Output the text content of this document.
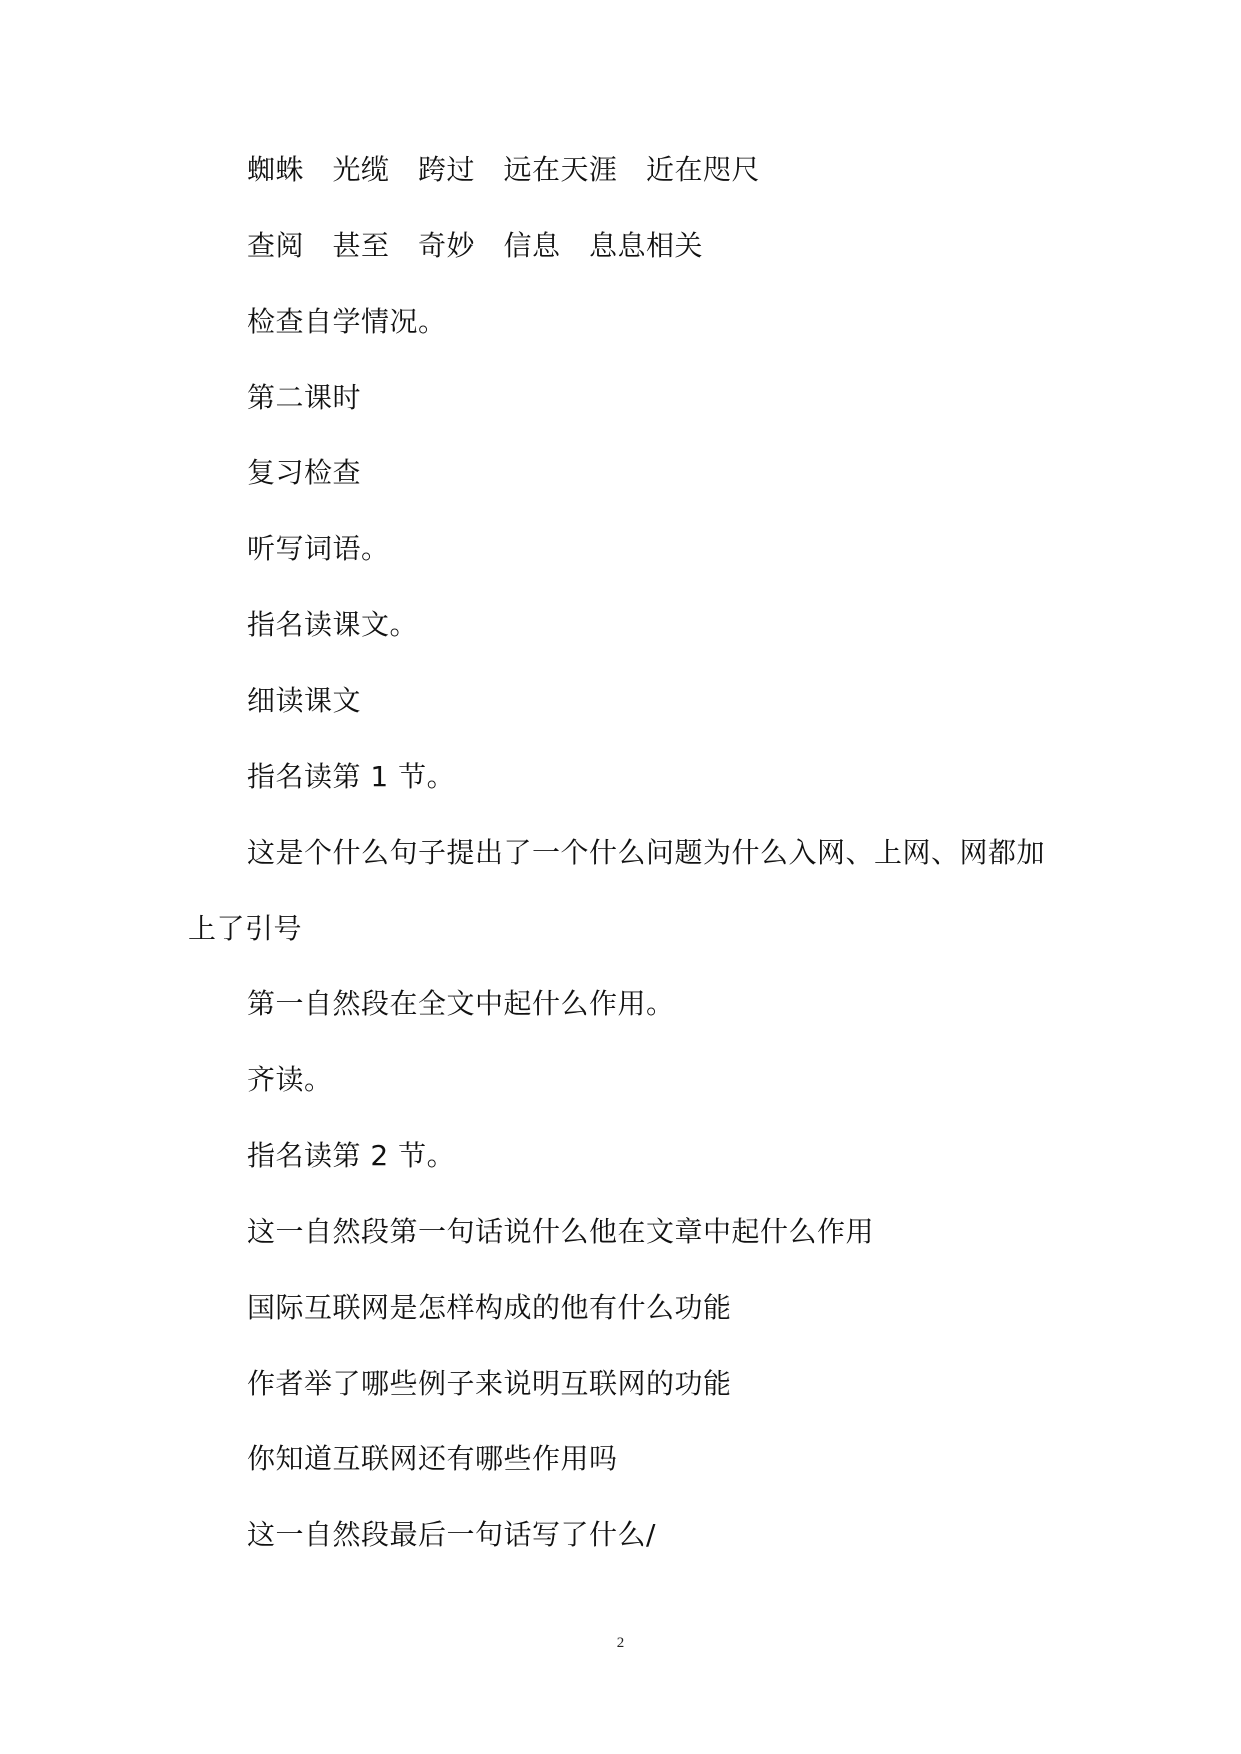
蜘蛛　光缆　跨过　远在天涯　近在咫尺
查阅　甚至　奇妙　信息　息息相关
检查自学情况。
第二课时
复习检查
听写词语。
指名读课文。
细读课文
指名读第 1 节。
这是个什么句子提出了一个什么问题为什么入网、上网、网都加
上了引号
第一自然段在全文中起什么作用。
齐读。
指名读第 2 节。
这一自然段第一句话说什么他在文章中起什么作用
国际互联网是怎样构成的他有什么功能
作者举了哪些例子来说明互联网的功能
你知道互联网还有哪些作用吗
这一自然段最后一句话写了什么/
2
